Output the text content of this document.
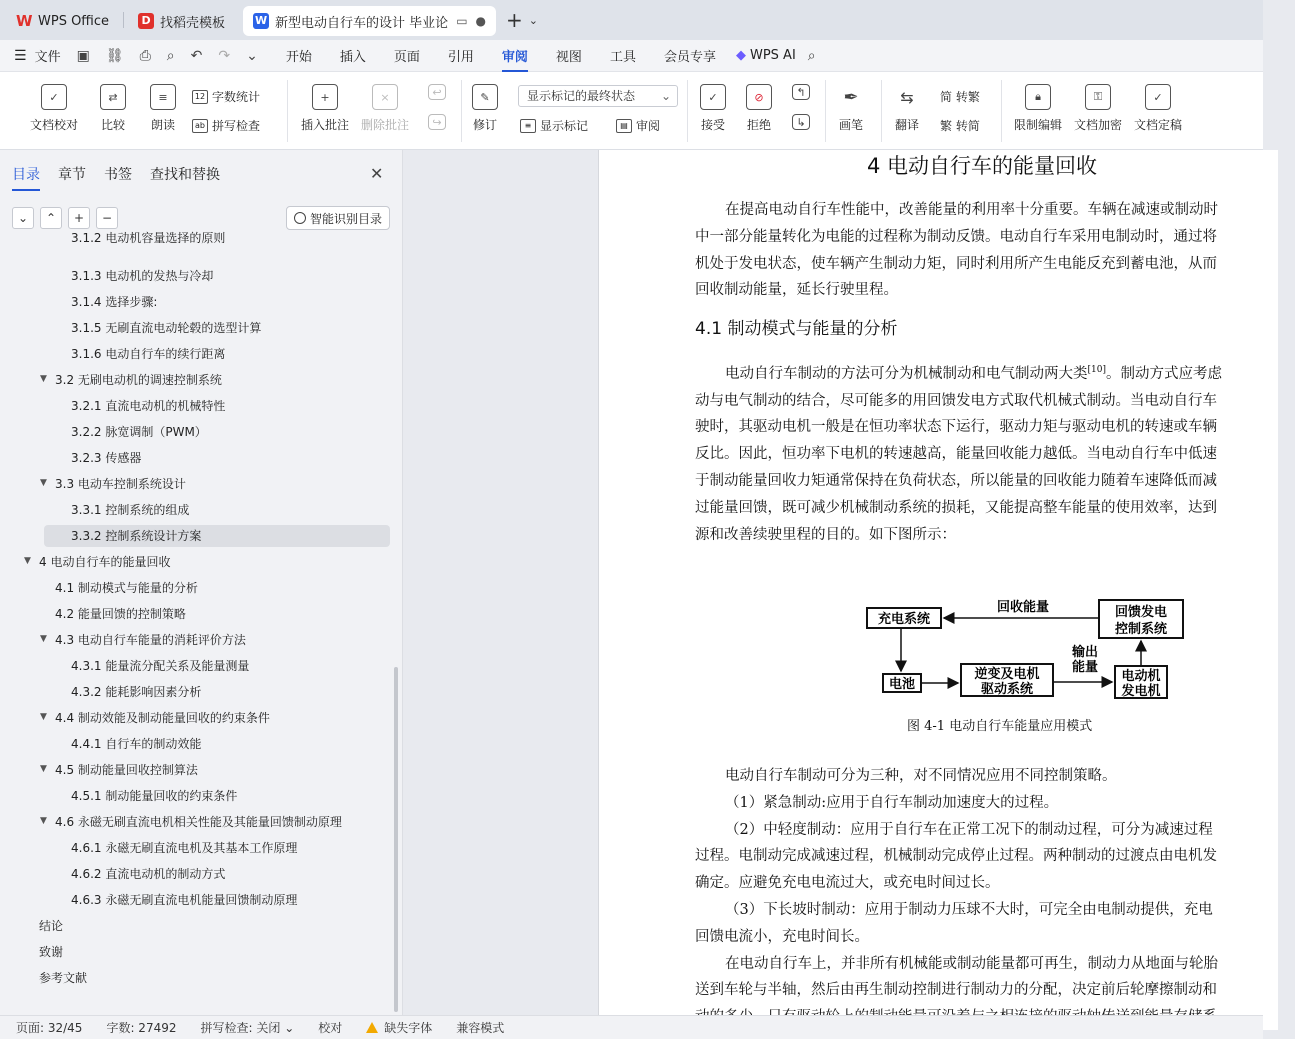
W WPS Office	D 找稻壳模板	W 新型电动自行车的设计 毕业论 ▭ ● + ⌄
☰ 文件 ▣ ⛓ ⎙ ⌕ ↶ ↷ ⌄ 开始 插入 页面 引用 审阅 视图 工具 会员专享 ◆ WPS AI ⌕
✓
文档校对
⇄
比较
≡
朗读
12 字数统计
ab 拼写检查
+
插入批注
×
删除批注
↩
↪
✎
修订
显示标记的最终状态 ⌄
≡ 显示标记	▤ 审阅
✓
接受
⊘
拒绝
↰
↳
✒
画笔
⇆
翻译
简 转繁
繁 转简
🔒︎
限制编辑
⚿
文档加密
✓
文档定稿
目录 章节 书签 查找和替换	✕
⌄	⌃	+	−	智能识别目录
3.1.2 电动机容量选择的原则
3.1.3 电动机的发热与冷却
3.1.4 选择步骤:
3.1.5 无刷直流电动轮毂的选型计算
3.1.6 电动自行车的续行距离
3.2 无刷电动机的调速控制系统
▼
3.2.1 直流电动机的机械特性
3.2.2 脉宽调制（PWM）
3.2.3 传感器
3.3 电动车控制系统设计
▼
3.3.1 控制系统的组成
3.3.2 控制系统设计方案
4 电动自行车的能量回收
▼
4.1 制动模式与能量的分析
4.2 能量回馈的控制策略
4.3 电动自行车能量的消耗评价方法
▼
4.3.1 能量流分配关系及能量测量
4.3.2 能耗影响因素分析
4.4 制动效能及制动能量回收的约束条件
▼
4.4.1 自行车的制动效能
4.5 制动能量回收控制算法
▼
4.5.1 制动能量回收的约束条件
4.6 永磁无刷直流电机相关性能及其能量回馈制动原理
▼
4.6.1 永磁无刷直流电机及其基本工作原理
4.6.2 直流电动机的制动方式
4.6.3 永磁无刷直流电机能量回馈制动原理
结论
致谢
参考文献
4 电动自行车的能量回收
在提高电动自行车性能中，改善能量的利用率十分重要。车辆在减速或制动时
中一部分能量转化为电能的过程称为制动反馈。电动自行车采用电制动时，通过将
机处于发电状态，使车辆产生制动力矩，同时利用所产生电能反充到蓄电池，从而
回收制动能量，延长行驶里程。
4.1 制动模式与能量的分析
电动自行车制动的方法可分为机械制动和电气制动两大类[10]。制动方式应考虑
动与电气制动的结合，尽可能多的用回馈发电方式取代机械式制动。当电动自行车
驶时，其驱动电机一般是在恒功率状态下运行，驱动力矩与驱动电机的转速或车辆
反比。因此，恒功率下电机的转速越高，能量回收能力越低。当电动自行车中低速
于制动能量回收力矩通常保持在负荷状态，所以能量的回收能力随着车速降低而减
过能量回馈，既可减少机械制动系统的损耗，又能提高整车能量的使用效率，达到
源和改善续驶里程的目的。如下图所示：
充电系统	回馈发电
控制系统
回收能量
电池
逆变及电机
驱动系统
电动机
发电机
输出
能量
图 4-1 电动自行车能量应用模式
电动自行车制动可分为三种，对不同情况应用不同控制策略。
（1）紧急制动:应用于自行车制动加速度大的过程。
（2）中轻度制动：应用于自行车在正常工况下的制动过程，可分为减速过程
过程。电制动完成减速过程，机械制动完成停止过程。两种制动的过渡点由电机发
确定。应避免充电电流过大，或充电时间过长。
（3）下长坡时制动：应用于制动力压球不大时，可完全由电制动提供，充电
回馈电流小，充电时间长。
在电动自行车上，并非所有机械能或制动能量都可再生，制动力从地面与轮胎
送到车轮与半轴，然后由再生制动控制进行制动力的分配，决定前后轮摩擦制动和
页面: 32/45 字数: 27492 拼写检查: 关闭
⌄ 校对	缺失字体 兼容模式
